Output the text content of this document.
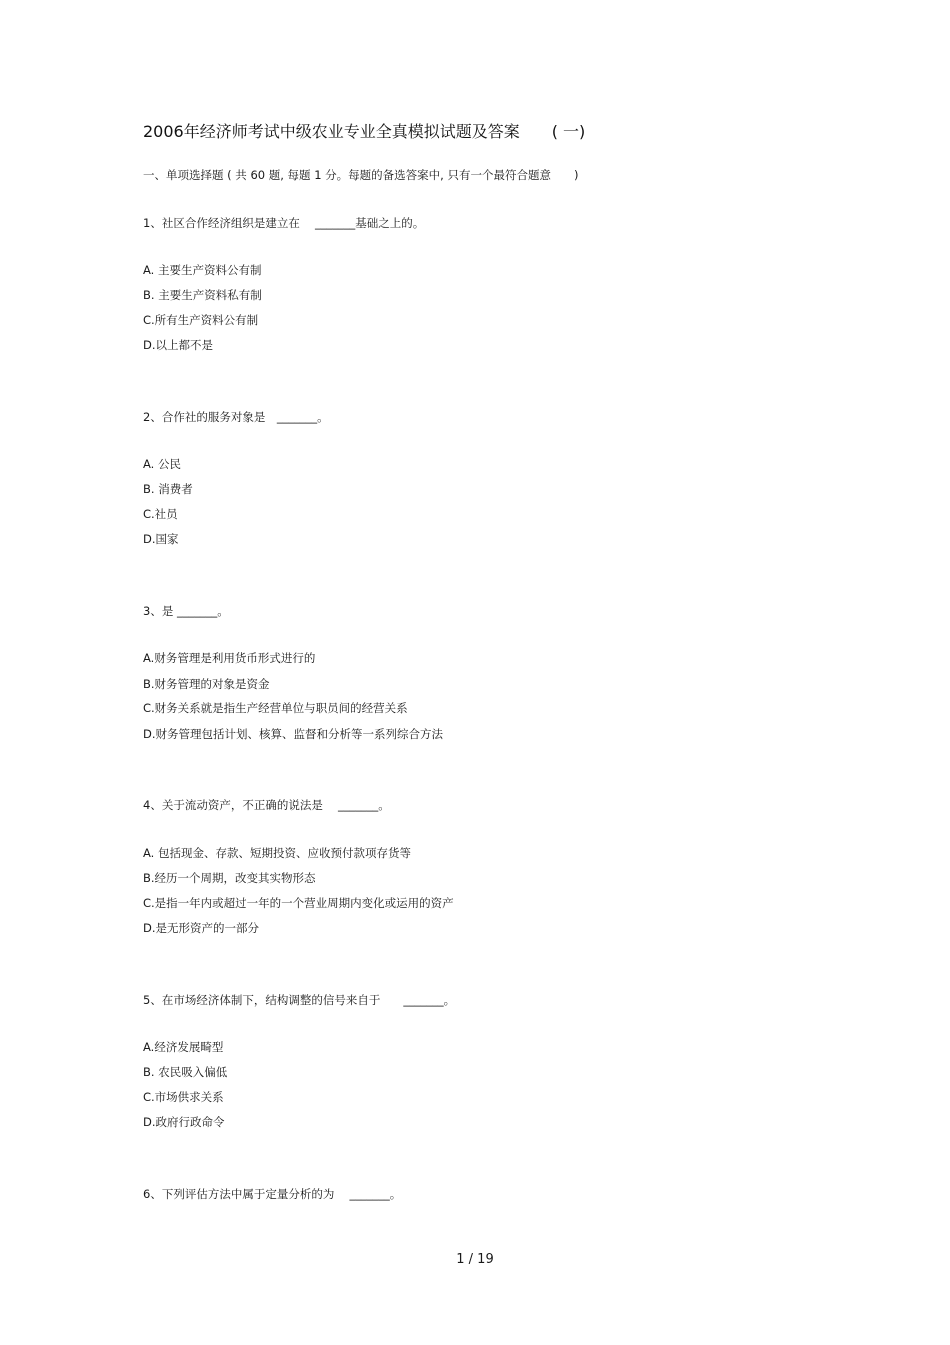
2006年经济师考试中级农业专业全真模拟试题及答案　　( 一)
一、单项选择题 ( 共 60 题, 每题 1 分。每题的备选答案中, 只有一个最符合题意　　)
1、社区合作经济组织是建立在　 _______基础之上的。
A. 主要生产资料公有制
B. 主要生产资料私有制
C.所有生产资料公有制
D.以上都不是
2、合作社的服务对象是　_______。
A. 公民
B. 消费者
C.社员
D.国家
3、是 _______。
A.财务管理是利用货币形式进行的
B.财务管理的对象是资金
C.财务关系就是指生产经营单位与职员间的经营关系
D.财务管理包括计划、核算、监督和分析等一系列综合方法
4、关于流动资产，不正确的说法是　 _______。
A. 包括现金、存款、短期投资、应收预付款项存货等
B.经历一个周期，改变其实物形态
C.是指一年内或超过一年的一个营业周期内变化或运用的资产
D.是无形资产的一部分
5、在市场经济体制下，结构调整的信号来自于　　_______。
A.经济发展畸型
B. 农民吸入偏低
C.市场供求关系
D.政府行政命令
6、下列评估方法中属于定量分析的为　 _______。
1 / 19
